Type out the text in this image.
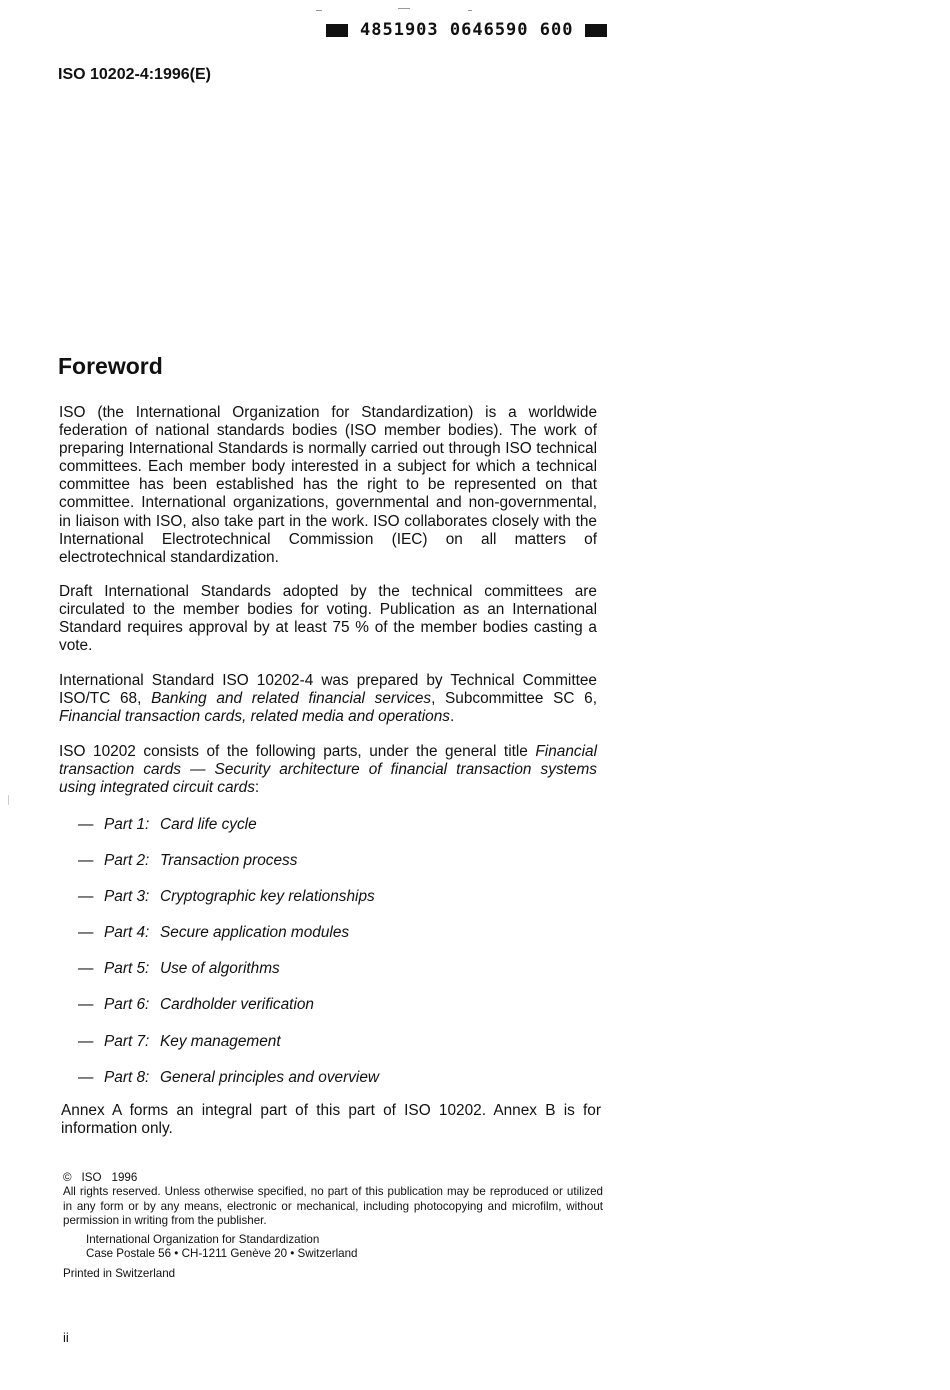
4851903 0646590 600
ISO 10202-4:1996(E)
Foreword

ISO (the International Organization for Standardization) is a worldwide federation of national standards bodies (ISO member bodies). The work of preparing International Standards is normally carried out through ISO technical committees. Each member body interested in a subject for which a technical committee has been established has the right to be represented on that committee. International organizations, governmental and non-governmental, in liaison with ISO, also take part in the work. ISO collaborates closely with the International Electrotechnical Commission (IEC) on all matters of electrotechnical standardization.

Draft International Standards adopted by the technical committees are circulated to the member bodies for voting. Publication as an International Standard requires approval by at least 75 % of the member bodies casting a vote.

International Standard ISO 10202-4 was prepared by Technical Committee ISO/TC 68, Banking and related financial services, Subcommittee SC 6, Financial transaction cards, related media and operations.

ISO 10202 consists of the following parts, under the general title Financial transaction cards — Security architecture of financial transaction systems using integrated circuit cards:

— Part 1: Card life cycle
— Part 2: Transaction process
— Part 3: Cryptographic key relationships
— Part 4: Secure application modules
— Part 5: Use of algorithms
— Part 6: Cardholder verification
— Part 7: Key management
— Part 8: General principles and overview

Annex A forms an integral part of this part of ISO 10202. Annex B is for information only.

© ISO 1996
All rights reserved. Unless otherwise specified, no part of this publication may be reproduced or utilized in any form or by any means, electronic or mechanical, including photocopying and microfilm, without permission in writing from the publisher.
International Organization for Standardization
Case Postale 56 • CH-1211 Genève 20 • Switzerland
Printed in Switzerland
ii
